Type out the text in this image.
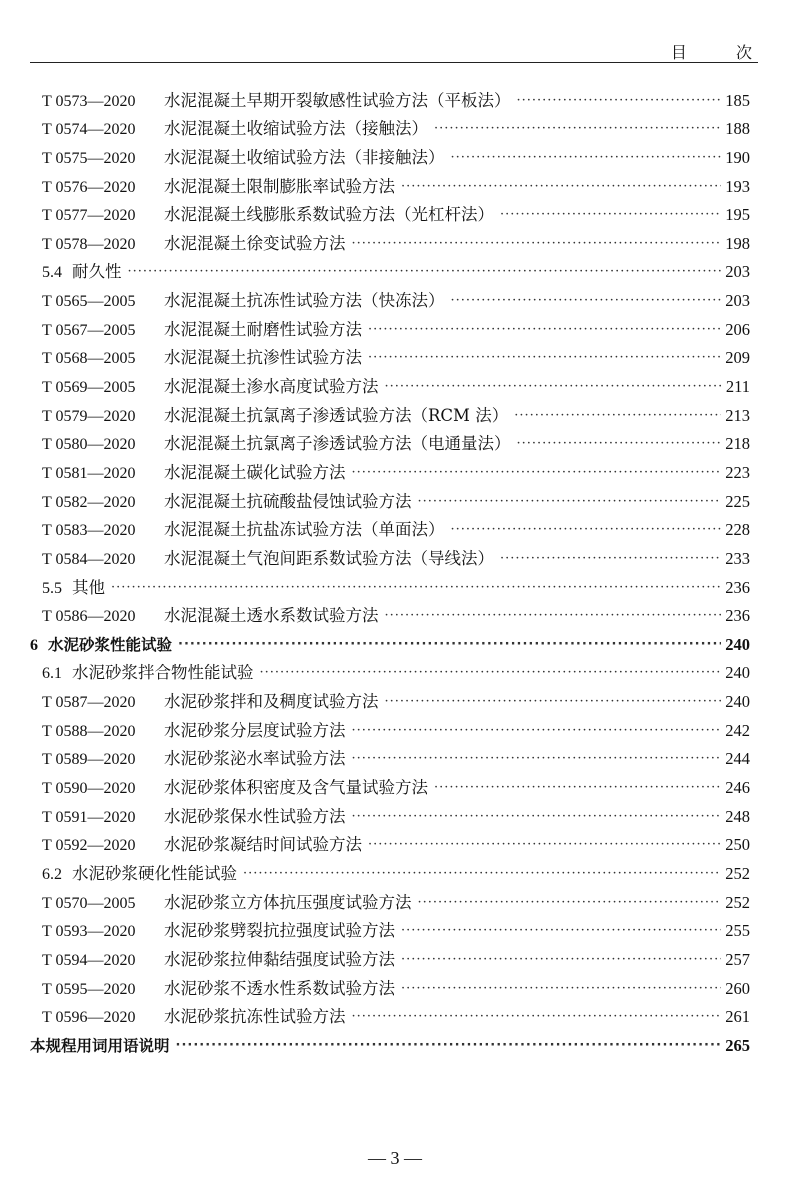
目 次
T 0573—2020	水泥混凝土早期开裂敏感性试验方法（平板法） ·····	185
T 0574—2020	水泥混凝土收缩试验方法（接触法） ·····	188
T 0575—2020	水泥混凝土收缩试验方法（非接触法） ·····	190
T 0576—2020	水泥混凝土限制膨胀率试验方法 ·····	193
T 0577—2020	水泥混凝土线膨胀系数试验方法（光杠杆法） ·····	195
T 0578—2020	水泥混凝土徐变试验方法 ·····	198
5.4 耐久性 ·····	203
T 0565—2005	水泥混凝土抗冻性试验方法（快冻法） ·····	203
T 0567—2005	水泥混凝土耐磨性试验方法 ·····	206
T 0568—2005	水泥混凝土抗渗性试验方法 ·····	209
T 0569—2005	水泥混凝土渗水高度试验方法 ·····	211
T 0579—2020	水泥混凝土抗氯离子渗透试验方法（RCM 法） ·····	213
T 0580—2020	水泥混凝土抗氯离子渗透试验方法（电通量法） ·····	218
T 0581—2020	水泥混凝土碳化试验方法 ·····	223
T 0582—2020	水泥混凝土抗硫酸盐侵蚀试验方法 ·····	225
T 0583—2020	水泥混凝土抗盐冻试验方法（单面法） ·····	228
T 0584—2020	水泥混凝土气泡间距系数试验方法（导线法） ·····	233
5.5 其他 ·····	236
T 0586—2020	水泥混凝土透水系数试验方法 ·····	236
6 水泥砂浆性能试验 ·····	240
6.1 水泥砂浆拌合物性能试验 ·····	240
T 0587—2020	水泥砂浆拌和及稠度试验方法 ·····	240
T 0588—2020	水泥砂浆分层度试验方法 ·····	242
T 0589—2020	水泥砂浆泌水率试验方法 ·····	244
T 0590—2020	水泥砂浆体积密度及含气量试验方法 ·····	246
T 0591—2020	水泥砂浆保水性试验方法 ·····	248
T 0592—2020	水泥砂浆凝结时间试验方法 ·····	250
6.2 水泥砂浆硬化性能试验 ·····	252
T 0570—2005	水泥砂浆立方体抗压强度试验方法 ·····	252
T 0593—2020	水泥砂浆劈裂抗拉强度试验方法 ·····	255
T 0594—2020	水泥砂浆拉伸黏结强度试验方法 ·····	257
T 0595—2020	水泥砂浆不透水性系数试验方法 ·····	260
T 0596—2020	水泥砂浆抗冻性试验方法 ·····	261
本规程用词用语说明 ·····	265
— 3 —
